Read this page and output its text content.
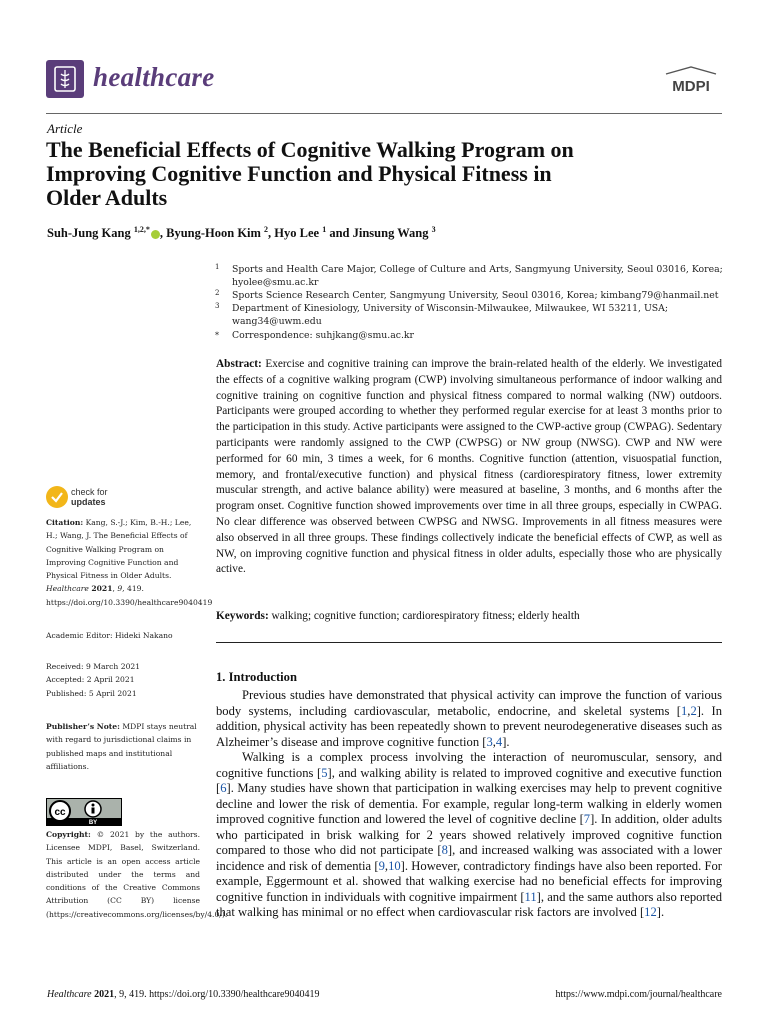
healthcare	MDPI
Article
The Beneficial Effects of Cognitive Walking Program on
Improving Cognitive Function and Physical Fitness in
Older Adults
Suh-Jung Kang $^{1,2,*}$ , Byung-Hoon Kim $^2$, Hyo Lee $^1$ and Jinsung Wang $^3$
1 Sports and Health Care Major, College of Culture and Arts, Sangmyung University, Seoul 03016, Korea;
hyolee@smu.ac.kr
2 Sports Science Research Center, Sangmyung University, Seoul 03016, Korea; kimbang79@hanmail.net
3 Department of Kinesiology, University of Wisconsin-Milwaukee, Milwaukee, WI 53211, USA;
wang34@uwm.edu
* Correspondence: suhjkang@smu.ac.kr
Abstract: Exercise and cognitive training can improve the brain-related health of the elderly. We investigated the effects of a cognitive walking program (CWP) involving simultaneous performance of indoor walking and cognitive training on cognitive function and physical fitness compared to normal walking (NW) outdoors. Participants were grouped according to whether they performed regular exercise for at least 3 months prior to the participation in this study. Active participants were assigned to the CWP-active group (CWPAG). Sedentary participants were randomly assigned to the CWP (CWPSG) or NW group (NWSG). CWP and NW were performed for 60 min, 3 times a week, for 6 months. Cognitive function (attention, visuospatial function, memory, and frontal/executive function) and physical fitness (cardiorespiratory fitness, lower extremity muscular strength, and active balance ability) were measured at baseline, 3 months, and 6 months after the program onset. Cognitive function showed improvements over time in all three groups, especially in CWPAG. No clear difference was observed between CWPSG and NWSG. Improvements in all fitness measures were also observed in all three groups. These findings collectively indicate the beneficial effects of CWP, as well as NW, on improving cognitive function and physical fitness in older adults, especially those who are physically active.
Keywords: walking; cognitive function; cardiorespiratory fitness; elderly health
check for
updates
Citation: Kang, S.-J.; Kim, B.-H.; Lee, H.; Wang, J. The Beneficial Effects of Cognitive Walking Program on Improving Cognitive Function and Physical Fitness in Older Adults. Healthcare 2021, 9, 419. https://doi.org/10.3390/healthcare9040419
Academic Editor: Hideki Nakano
Received: 9 March 2021
Accepted: 2 April 2021
Published: 5 April 2021
Publisher’s Note: MDPI stays neutral with regard to jurisdictional claims in published maps and institutional affiliations.
cc
BY
Copyright: © 2021 by the authors. Licensee MDPI, Basel, Switzerland. This article is an open access article distributed under the terms and conditions of the Creative Commons Attribution (CC BY) license (https://creativecommons.org/licenses/by/4.0/).
1. Introduction
Previous studies have demonstrated that physical activity can improve the function of various body systems, including cardiovascular, metabolic, endocrine, and skeletal systems [1,2]. In addition, physical activity has been repeatedly shown to prevent neurodegenerative diseases such as Alzheimer’s disease and improve cognitive function [3,4].
Walking is a complex process involving the interaction of neuromuscular, sensory, and cognitive functions [5], and walking ability is related to improved cognitive and executive function [6]. Many studies have shown that participation in walking exercises may help to prevent cognitive decline and lower the risk of dementia. For example, regular long-term walking in elderly women improved cognitive function and lowered the level of cognitive decline [7]. In addition, older adults who participated in brisk walking for 2 years showed relatively improved cognitive function compared to those who did not participate [8], and increased walking was associated with a lower incidence and risk of dementia [9,10]. However, contradictory findings have also been reported. For example, Eggermount et al. showed that walking exercise had no beneficial effects for improving cognitive function in individuals with cognitive impairment [11], and the same authors also reported that walking has minimal or no effect when cardiovascular risk factors are involved [12].
Healthcare 2021, 9, 419. https://doi.org/10.3390/healthcare9040419	https://www.mdpi.com/journal/healthcare
